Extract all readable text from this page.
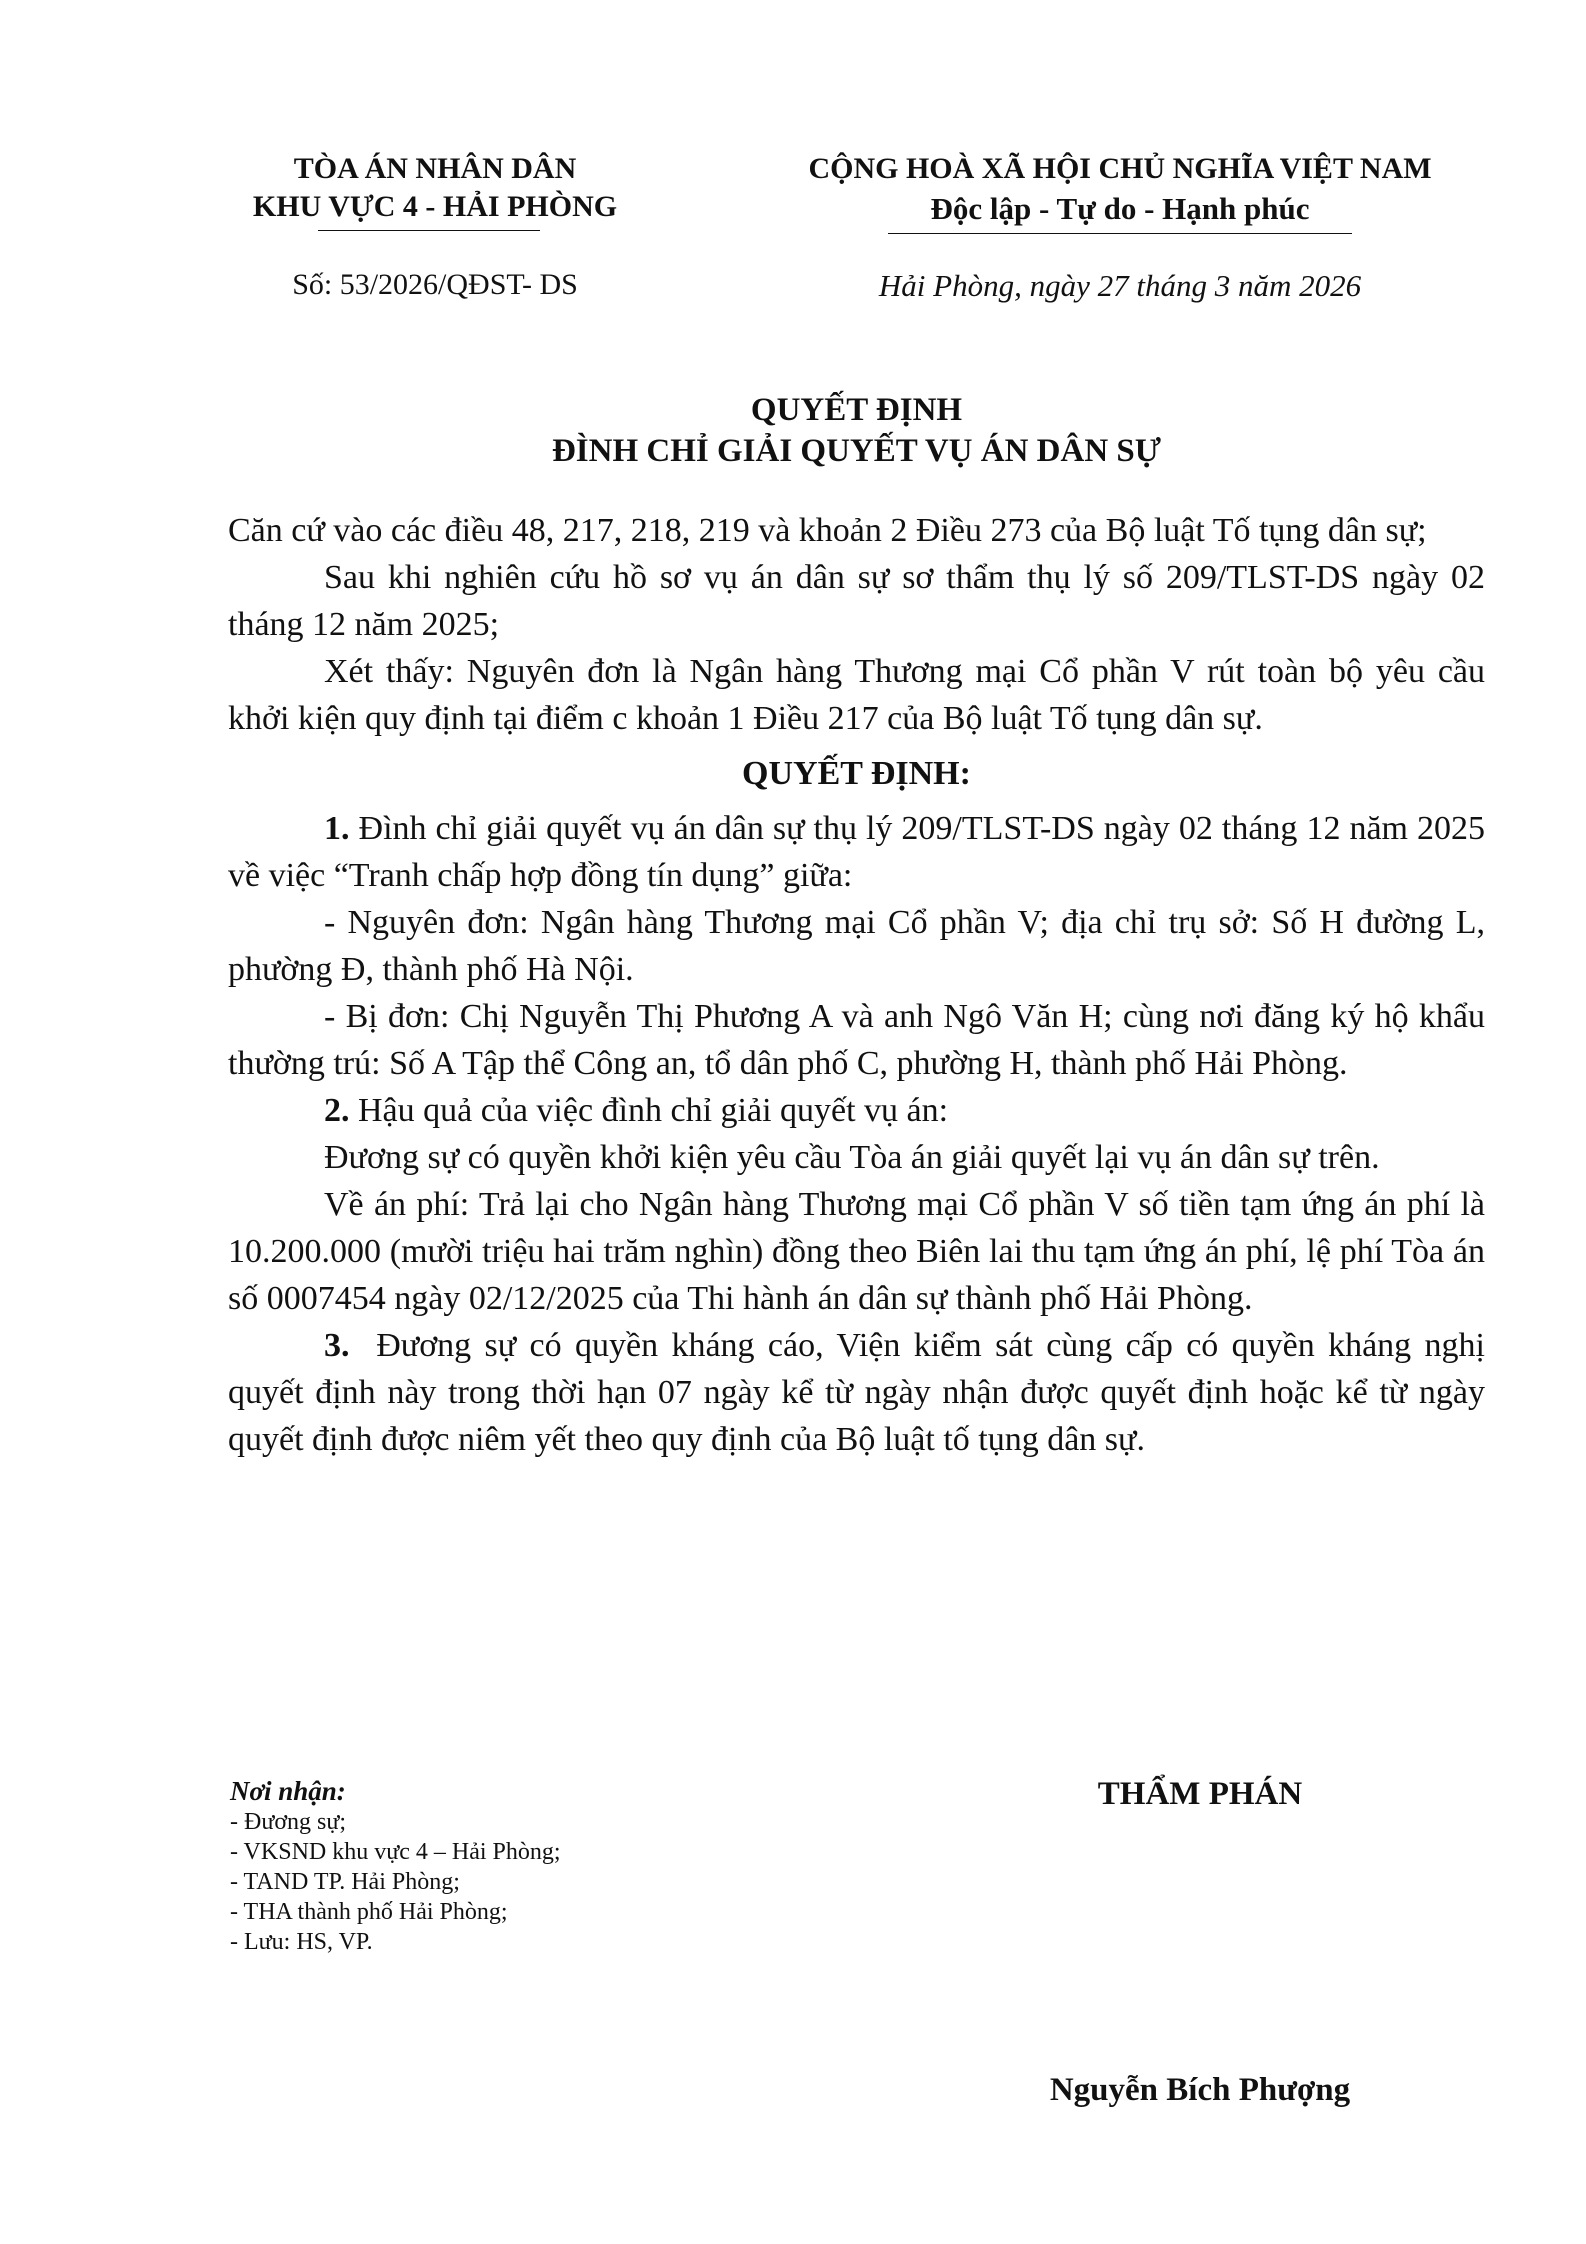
TÒA ÁN NHÂN DÂN
KHU VỰC 4 - HẢI PHÒNG
Số: 53/2026/QĐST- DS
CỘNG HOÀ XÃ HỘI CHỦ NGHĨA VIỆT NAM
Độc lập - Tự do - Hạnh phúc
Hải Phòng, ngày 27 tháng 3 năm 2026
QUYẾT ĐỊNH
ĐÌNH CHỈ GIẢI QUYẾT VỤ ÁN DÂN SỰ

Căn cứ vào các điều 48, 217, 218, 219 và khoản 2 Điều 273 của Bộ luật Tố tụng dân sự;

Sau khi nghiên cứu hồ sơ vụ án dân sự sơ thẩm thụ lý số 209/TLST-DS ngày 02 tháng 12 năm 2025;

Xét thấy: Nguyên đơn là Ngân hàng Thương mại Cổ phần V rút toàn bộ yêu cầu khởi kiện quy định tại điểm c khoản 1 Điều 217 của Bộ luật Tố tụng dân sự.

QUYẾT ĐỊNH:

1. Đình chỉ giải quyết vụ án dân sự thụ lý 209/TLST-DS ngày 02 tháng 12 năm 2025 về việc “Tranh chấp hợp đồng tín dụng” giữa:

- Nguyên đơn: Ngân hàng Thương mại Cổ phần V; địa chỉ trụ sở: Số H đường L, phường Đ, thành phố Hà Nội.

- Bị đơn: Chị Nguyễn Thị Phương A và anh Ngô Văn H; cùng nơi đăng ký hộ khẩu thường trú: Số A Tập thể Công an, tổ dân phố C, phường H, thành phố Hải Phòng.

2. Hậu quả của việc đình chỉ giải quyết vụ án:

Đương sự có quyền khởi kiện yêu cầu Tòa án giải quyết lại vụ án dân sự trên.

Về án phí: Trả lại cho Ngân hàng Thương mại Cổ phần V số tiền tạm ứng án phí là 10.200.000 (mười triệu hai trăm nghìn) đồng theo Biên lai thu tạm ứng án phí, lệ phí Tòa án số 0007454 ngày 02/12/2025 của Thi hành án dân sự thành phố Hải Phòng.

3. Đương sự có quyền kháng cáo, Viện kiểm sát cùng cấp có quyền kháng nghị quyết định này trong thời hạn 07 ngày kể từ ngày nhận được quyết định hoặc kể từ ngày quyết định được niêm yết theo quy định của Bộ luật tố tụng dân sự.

Nơi nhận:
- Đương sự;
- VKSND khu vực 4 – Hải Phòng;
- TAND TP. Hải Phòng;
- THA thành phố Hải Phòng;
- Lưu: HS, VP.
THẨM PHÁN
Nguyễn Bích Phượng
